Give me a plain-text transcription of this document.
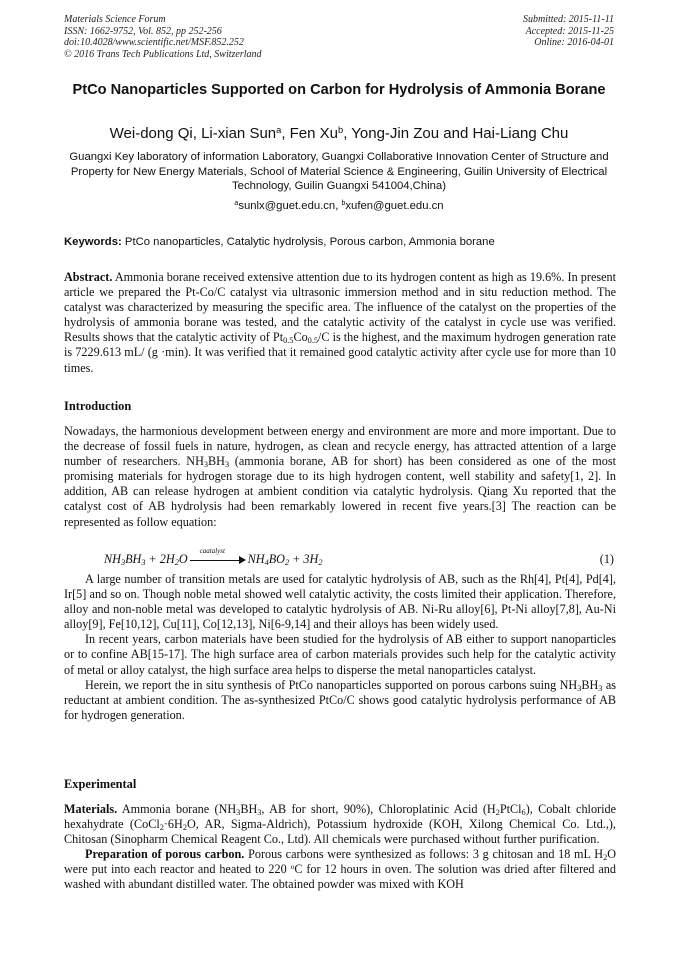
Materials Science Forum
ISSN: 1662-9752, Vol. 852, pp 252-256
doi:10.4028/www.scientific.net/MSF.852.252
© 2016 Trans Tech Publications Ltd, Switzerland
Submitted: 2015-11-11
Accepted: 2015-11-25
Online: 2016-04-01
PtCo Nanoparticles Supported on Carbon for Hydrolysis of Ammonia Borane
Wei-dong Qi, Li-xian Sun$^a$, Fen Xu$^b$, Yong-Jin Zou and Hai-Liang Chu
Guangxi Key laboratory of information Laboratory, Guangxi Collaborative Innovation Center of Structure and Property for New Energy Materials, School of Material Science & Engineering, Guilin University of Electrical Technology, Guilin Guangxi 541004,China)
$^a$sunlx@guet.edu.cn, $^b$xufen@guet.edu.cn
Keywords: PtCo nanoparticles, Catalytic hydrolysis, Porous carbon, Ammonia borane

Abstract. Ammonia borane received extensive attention due to its hydrogen content as high as 19.6%. In present article we prepared the Pt-Co/C catalyst via ultrasonic immersion method and in situ reduction method. The catalyst was characterized by measuring the specific area. The influence of the catalyst on the properties of the hydrolysis of ammonia borane was tested, and the catalytic activity of the catalyst in cycle use was verified. Results shows that the catalytic activity of $Pt_{0.5}Co_{0.5}/C$ is the highest, and the maximum hydrogen generation rate is 7229.613 mL/ (g ·min). It was verified that it remained good catalytic activity after cycle use for more than 10 times.

Introduction

Nowadays, the harmonious development between energy and environment are more and more important. Due to the decrease of fossil fuels in nature, hydrogen, as clean and recycle energy, has attracted attention of a large number of researchers. $NH_3BH_3$ (ammonia borane, AB for short) has been considered as one of the most promising materials for hydrogen storage due to its high hydrogen content, well stability and safety[1, 2]. In addition, AB can release hydrogen at ambient condition via catalytic hydrolysis. Qiang Xu reported that the catalyst cost of AB hydrolysis had been remarkably lowered in recent five years.[3] The reaction can be represented as follow equation:

$NH_3BH_3 + 2H_2O$
caatalyst
$NH_4BO_2 + 3H_2$	(1)

A large number of transition metals are used for catalytic hydrolysis of AB, such as the Rh[4], Pt[4], Pd[4], Ir[5] and so on. Though noble metal showed well catalytic activity, the costs limited their application. Therefore, alloy and non-noble metal was developed to catalytic hydrolysis of AB. Ni-Ru alloy[6], Pt-Ni alloy[7,8], Au-Ni alloy[9], Fe[10,12], Cu[11], Co[12,13], Ni[6-9,14] and their alloys has been widely used.

In recent years, carbon materials have been studied for the hydrolysis of AB either to support nanoparticles or to confine AB[15-17]. The high surface area of carbon materials provides such help for the catalytic activity of metal or alloy catalyst, the high surface area helps to disperse the metal nanoparticles catalyst.

Herein, we report the in situ synthesis of PtCo nanoparticles supported on porous carbons suing $NH_3BH_3$ as reductant at ambient condition. The as-synthesized PtCo/C shows good catalytic hydrolysis performance of AB for hydrogen generation.

Experimental

Materials. Ammonia borane ($NH_3BH_3$, AB for short, 90%), Chloroplatinic Acid $(H_2PtCl_6)$, Cobalt chloride hexahydrate ($CoCl_2\cdot 6H_2O$, AR, Sigma-Aldrich), Potassium hydroxide (KOH, Xilong Chemical Co. Ltd.,), Chitosan (Sinopharm Chemical Reagent Co., Ltd). All chemicals were purchased without further purification.

Preparation of porous carbon. Porous carbons were synthesized as follows: 3 g chitosan and 18 mL $H_2O$ were put into each reactor and heated to 220 $^o$C for 12 hours in oven. The solution was dried after filtered and washed with abundant distilled water. The obtained powder was mixed with KOH
